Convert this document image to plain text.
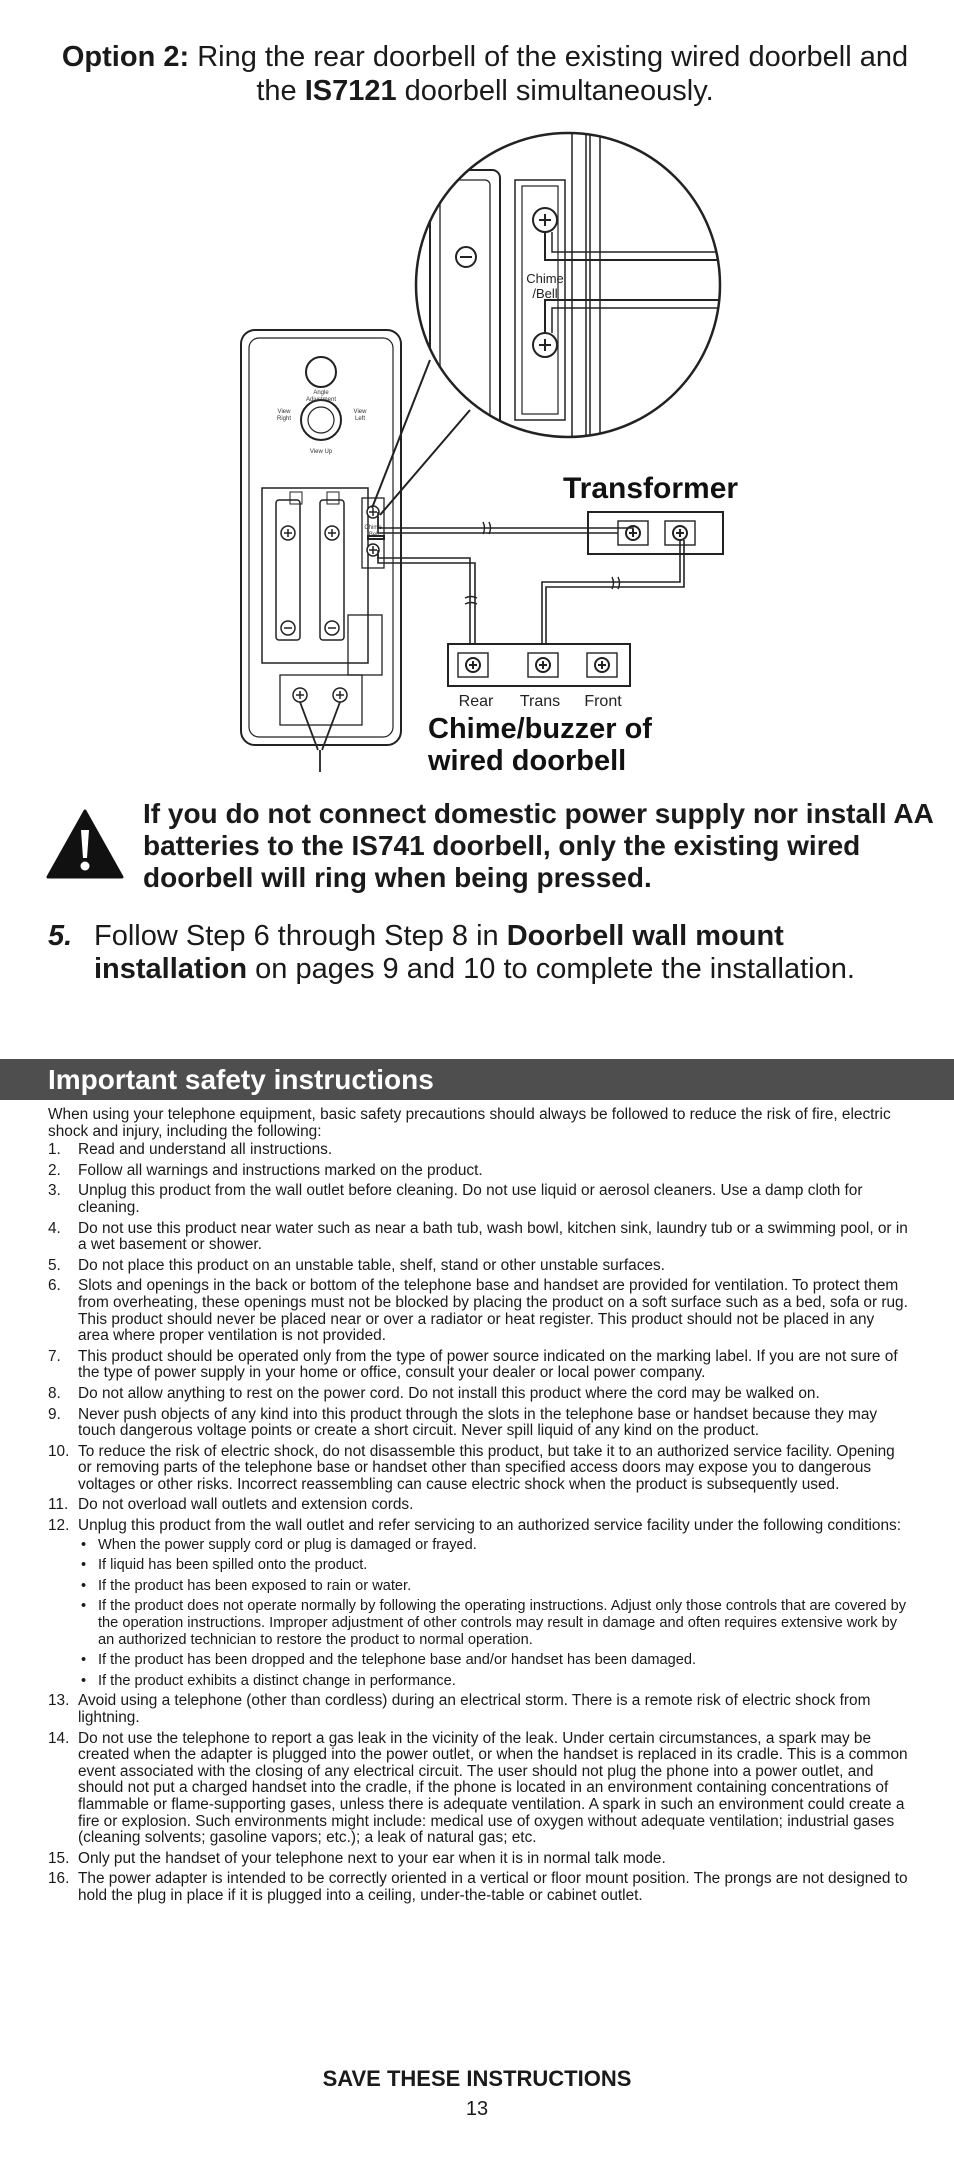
Option 2: Ring the rear doorbell of the existing wired doorbell and the IS7121 doorbell simultaneously.
Angle
Adjustment
View
Right
View
Left
View Up
Chime
/Bell
Chime
/Bell
Transformer
Rear Trans Front
Chime/buzzer of
wired doorbell
If you do not connect domestic power supply nor install AA batteries to the IS741 doorbell, only the existing wired doorbell will ring when being pressed.
5. Follow Step 6 through Step 8 in Doorbell wall mount installation on pages 9 and 10 to complete the installation.
Important safety instructions

When using your telephone equipment, basic safety precautions should always be followed to reduce the risk of fire, electric shock and injury, including the following:

1. Read and understand all instructions.
2. Follow all warnings and instructions marked on the product.
3. Unplug this product from the wall outlet before cleaning. Do not use liquid or aerosol cleaners. Use a damp cloth for cleaning.
4. Do not use this product near water such as near a bath tub, wash bowl, kitchen sink, laundry tub or a swimming pool, or in a wet basement or shower.
5. Do not place this product on an unstable table, shelf, stand or other unstable surfaces.
6. Slots and openings in the back or bottom of the telephone base and handset are provided for ventilation. To protect them from overheating, these openings must not be blocked by placing the product on a soft surface such as a bed, sofa or rug. This product should never be placed near or over a radiator or heat register. This product should not be placed in any area where proper ventilation is not provided.
7. This product should be operated only from the type of power source indicated on the marking label. If you are not sure of the type of power supply in your home or office, consult your dealer or local power company.
8. Do not allow anything to rest on the power cord. Do not install this product where the cord may be walked on.
9. Never push objects of any kind into this product through the slots in the telephone base or handset because they may touch dangerous voltage points or create a short circuit. Never spill liquid of any kind on the product.
10. To reduce the risk of electric shock, do not disassemble this product, but take it to an authorized service facility. Opening or removing parts of the telephone base or handset other than specified access doors may expose you to dangerous voltages or other risks. Incorrect reassembling can cause electric shock when the product is subsequently used.
11. Do not overload wall outlets and extension cords.
12. Unplug this product from the wall outlet and refer servicing to an authorized service facility under the following conditions:
• When the power supply cord or plug is damaged or frayed.
• If liquid has been spilled onto the product.
• If the product has been exposed to rain or water.
• If the product does not operate normally by following the operating instructions. Adjust only those controls that are covered by the operation instructions. Improper adjustment of other controls may result in damage and often requires extensive work by an authorized technician to restore the product to normal operation.
• If the product has been dropped and the telephone base and/or handset has been damaged.
• If the product exhibits a distinct change in performance.
13. Avoid using a telephone (other than cordless) during an electrical storm. There is a remote risk of electric shock from lightning.
14. Do not use the telephone to report a gas leak in the vicinity of the leak. Under certain circumstances, a spark may be created when the adapter is plugged into the power outlet, or when the handset is replaced in its cradle. This is a common event associated with the closing of any electrical circuit. The user should not plug the phone into a power outlet, and should not put a charged handset into the cradle, if the phone is located in an environment containing concentrations of flammable or flame-supporting gases, unless there is adequate ventilation. A spark in such an environment could create a fire or explosion. Such environments might include: medical use of oxygen without adequate ventilation; industrial gases (cleaning solvents; gasoline vapors; etc.); a leak of natural gas; etc.
15. Only put the handset of your telephone next to your ear when it is in normal talk mode.
16. The power adapter is intended to be correctly oriented in a vertical or floor mount position. The prongs are not designed to hold the plug in place if it is plugged into a ceiling, under-the-table or cabinet outlet.
SAVE THESE INSTRUCTIONS
13
